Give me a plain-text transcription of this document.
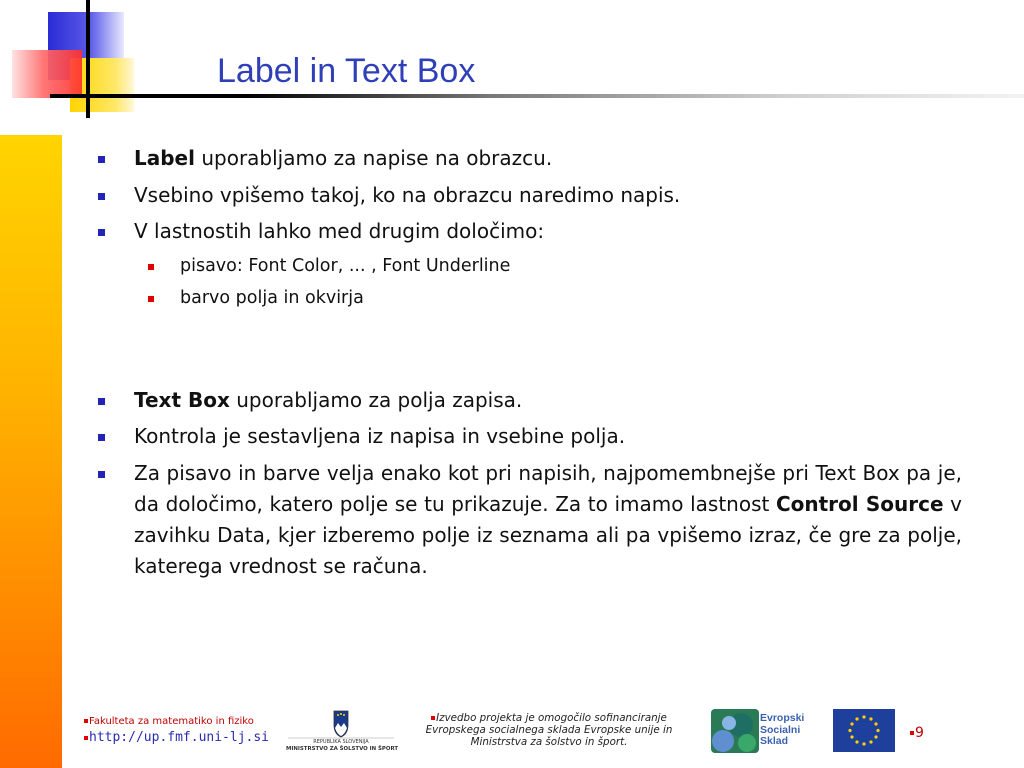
Label in Text Box
Label uporabljamo za napise na obrazcu.
Vsebino vpišemo takoj, ko na obrazcu naredimo napis.
V lastnostih lahko med drugim določimo:
pisavo: Font Color, ... , Font Underline
barvo polja in okvirja
Text Box uporabljamo za polja zapisa.
Kontrola je sestavljena iz napisa in vsebine polja.
Za pisavo in barve velja enako kot pri napisih, najpomembnejše pri Text Box pa je, da določimo, katero polje se tu prikazuje. Za to imamo lastnost Control Source v zavihku Data, kjer izberemo polje iz seznama ali pa vpišemo izraz, če gre za polje, katerega vrednost se računa.
Fakulteta za matematiko in fiziko
http://up.fmf.uni-lj.si	REPUBLIKA SLOVENIJA
MINISTRSTVO ZA ŠOLSTVO IN ŠPORT
Izvedbo projekta je omogočilo sofinanciranje Evropskega socialnega sklada Evropske unije in Ministrstva za šolstvo in šport.
Evropski
Socialni
Sklad	9
